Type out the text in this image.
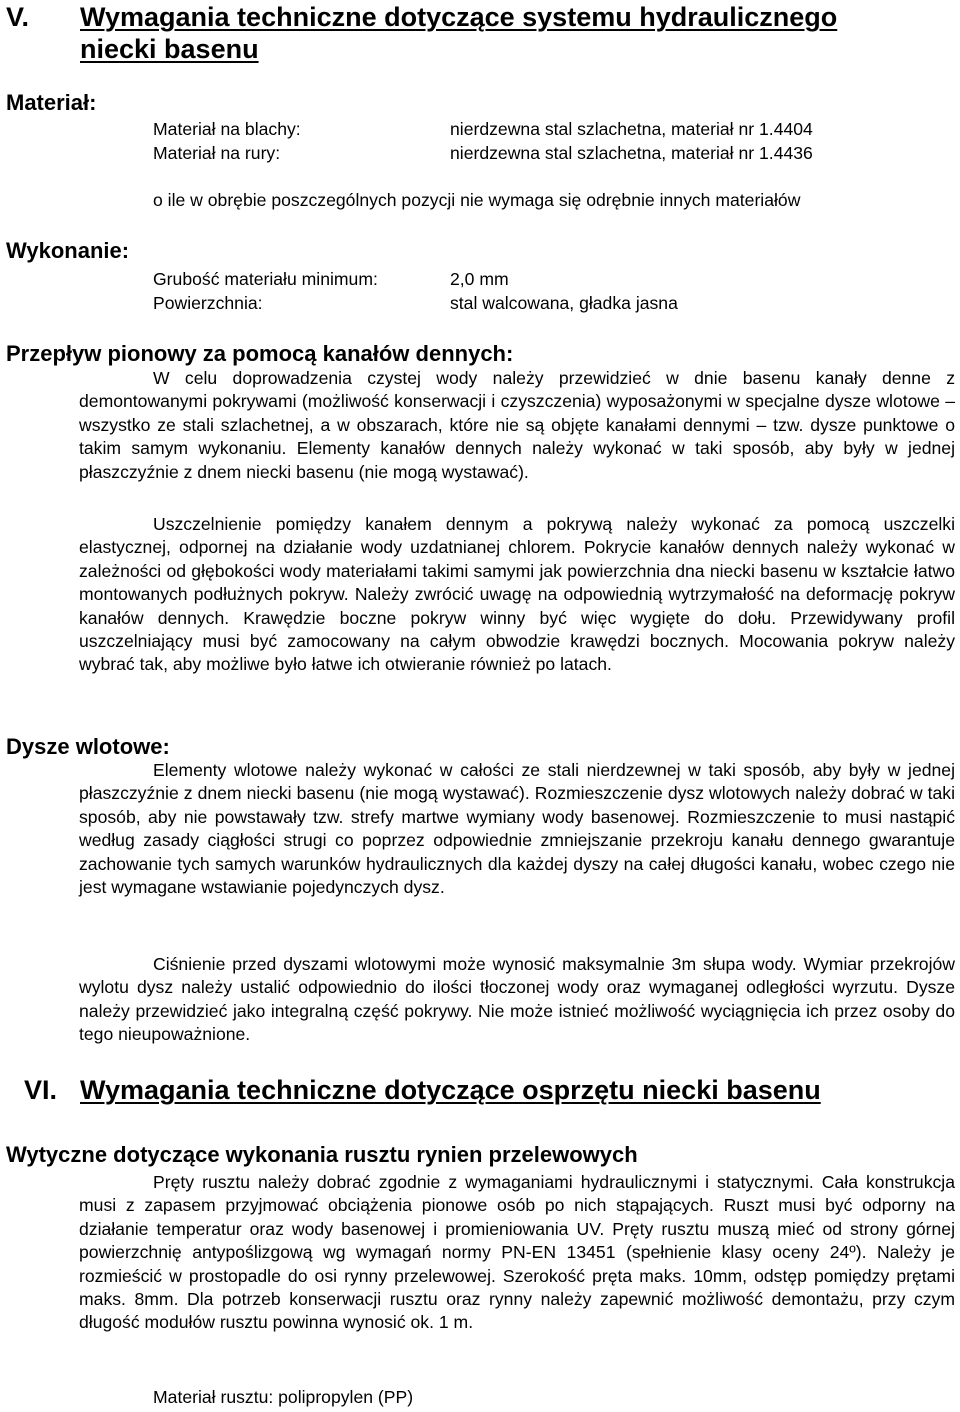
V. Wymagania techniczne dotyczące systemu hydraulicznego
niecki basenu
Materiał:
Materiał na blachy:	nierdzewna stal szlachetna, materiał nr 1.4404
Materiał na rury:	nierdzewna stal szlachetna, materiał nr 1.4436
o ile w obrębie poszczególnych pozycji nie wymaga się odrębnie innych materiałów
Wykonanie:
Grubość materiału minimum:	2,0 mm
Powierzchnia:	stal walcowana, gładka jasna
Przepływ pionowy za pomocą kanałów dennych:

W celu doprowadzenia czystej wody należy przewidzieć w dnie basenu kanały denne z demontowanymi pokrywami (możliwość konserwacji i czyszczenia) wyposażonymi w specjalne dysze wlotowe – wszystko ze stali szlachetnej, a w obszarach, które nie są objęte kanałami dennymi – tzw. dysze punktowe o takim samym wykonaniu. Elementy kanałów dennych należy wykonać w taki sposób, aby były w jednej płaszczyźnie z dnem niecki basenu (nie mogą wystawać).

Uszczelnienie pomiędzy kanałem dennym a pokrywą należy wykonać za pomocą uszczelki elastycznej, odpornej na działanie wody uzdatnianej chlorem. Pokrycie kanałów dennych należy wykonać w zależności od głębokości wody materiałami takimi samymi jak powierzchnia dna niecki basenu w kształcie łatwo montowanych podłużnych pokryw. Należy zwrócić uwagę na odpowiednią wytrzymałość na deformację pokryw kanałów dennych. Krawędzie boczne pokryw winny być więc wygięte do dołu. Przewidywany profil uszczelniający musi być zamocowany na całym obwodzie krawędzi bocznych. Mocowania pokryw należy wybrać tak, aby możliwe było łatwe ich otwieranie również po latach.

Dysze wlotowe:

Elementy wlotowe należy wykonać w całości ze stali nierdzewnej w taki sposób, aby były w jednej płaszczyźnie z dnem niecki basenu (nie mogą wystawać). Rozmieszczenie dysz wlotowych należy dobrać w taki sposób, aby nie powstawały tzw. strefy martwe wymiany wody basenowej. Rozmieszczenie to musi nastąpić według zasady ciągłości strugi co poprzez odpowiednie zmniejszanie przekroju kanału dennego gwarantuje zachowanie tych samych warunków hydraulicznych dla każdej dyszy na całej długości kanału, wobec czego nie jest wymagane wstawianie pojedynczych dysz.

Ciśnienie przed dyszami wlotowymi może wynosić maksymalnie 3m słupa wody. Wymiar przekrojów wylotu dysz należy ustalić odpowiednio do ilości tłoczonej wody oraz wymaganej odległości wyrzutu. Dysze należy przewidzieć jako integralną część pokrywy. Nie może istnieć możliwość wyciągnięcia ich przez osoby do tego nieupoważnione.

VI. Wymagania techniczne dotyczące osprzętu niecki basenu
Wytyczne dotyczące wykonania rusztu rynien przelewowych

Pręty rusztu należy dobrać zgodnie z wymaganiami hydraulicznymi i statycznymi. Cała konstrukcja musi z zapasem przyjmować obciążenia pionowe osób po nich stąpających. Ruszt musi być odporny na działanie temperatur oraz wody basenowej i promieniowania UV. Pręty rusztu muszą mieć od strony górnej powierzchnię antypoślizgową wg wymagań normy PN-EN 13451 (spełnienie klasy oceny 24º). Należy je rozmieścić w prostopadle do osi rynny przelewowej. Szerokość pręta maks. 10mm, odstęp pomiędzy prętami maks. 8mm. Dla potrzeb konserwacji rusztu oraz rynny należy zapewnić możliwość demontażu, przy czym długość modułów rusztu powinna wynosić ok. 1 m.

Materiał rusztu: polipropylen (PP)
